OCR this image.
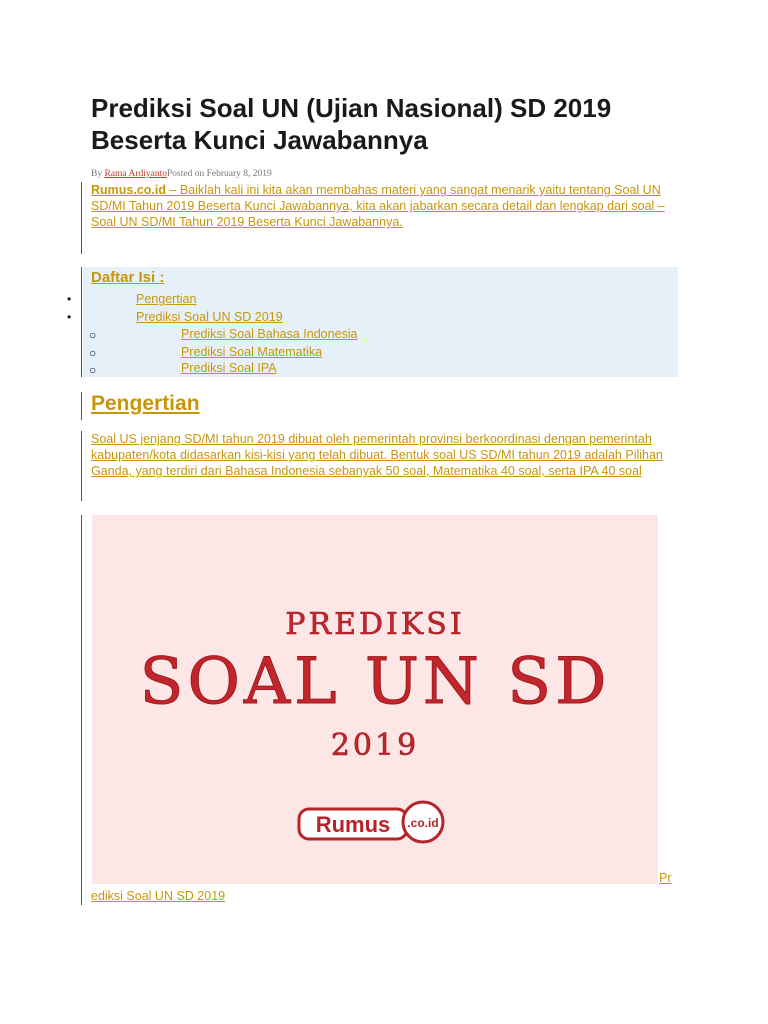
Prediksi Soal UN (Ujian Nasional) SD 2019 Beserta Kunci Jawabannya
By Rama ArdiyantoPosted on February 8, 2019

Rumus.co.id – Baiklah kali ini kita akan membahas materi yang sangat menarik yaitu tentang Soal UN SD/MI Tahun 2019 Beserta Kunci Jawabannya, kita akan jabarkan secara detail dan lengkap dari soal – Soal UN SD/MI Tahun 2019 Beserta Kunci Jawabannya.

Daftar Isi :
•	Pengertian
•	Prediksi Soal UN SD 2019
○	Prediksi Soal Bahasa Indonesia
○	Prediksi Soal Matematika
○	Prediksi Soal IPA
Pengertian

Soal US jenjang SD/MI tahun 2019 dibuat oleh pemerintah provinsi berkoordinasi dengan pemerintah kabupaten/kota didasarkan kisi-kisi yang telah dibuat. Bentuk soal US SD/MI tahun 2019 adalah Pilihan Ganda, yang terdiri dari Bahasa Indonesia sebanyak 50 soal, Matematika 40 soal, serta IPA 40 soal

PREDIKSI
SOAL UN SD
2019
Rumus .co.id
Pr
ediksi Soal UN SD 2019
